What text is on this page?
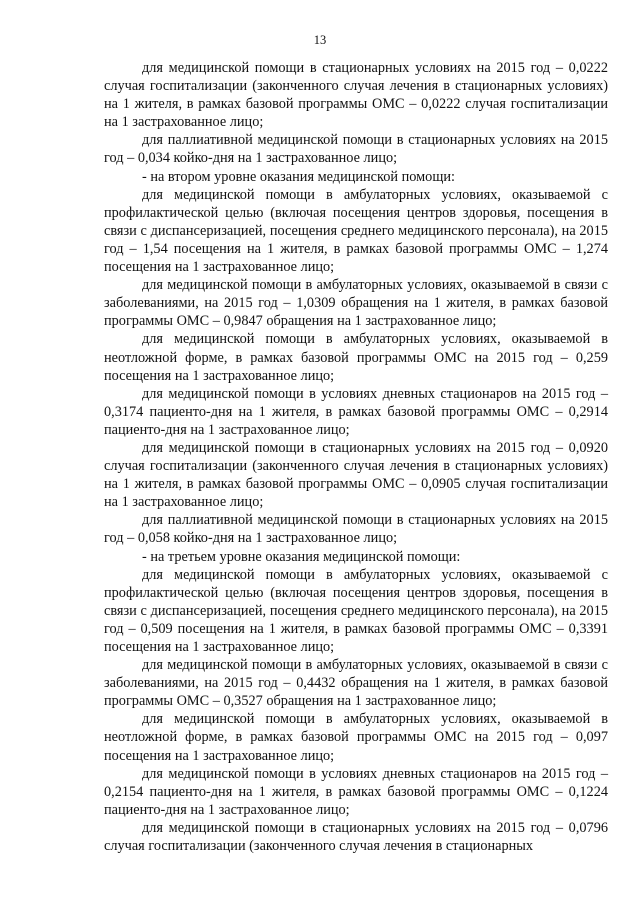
13

для медицинской помощи в стационарных условиях на 2015 год – 0,0222 случая госпитализации (законченного случая лечения в стационарных условиях) на 1 жителя, в рамках базовой программы ОМС – 0,0222 случая госпитализации на 1 застрахованное лицо;

для паллиативной медицинской помощи в стационарных условиях на 2015 год – 0,034 койко-дня на 1 застрахованное лицо;

- на втором уровне оказания медицинской помощи:

для медицинской помощи в амбулаторных условиях, оказываемой с профилактической целью (включая посещения центров здоровья, посещения в связи с диспансеризацией, посещения среднего медицинского персонала), на 2015 год – 1,54 посещения на 1 жителя, в рамках базовой программы ОМС – 1,274 посещения на 1 застрахованное лицо;

для медицинской помощи в амбулаторных условиях, оказываемой в связи с заболеваниями, на 2015 год – 1,0309 обращения на 1 жителя, в рамках базовой программы ОМС – 0,9847 обращения на 1 застрахованное лицо;

для медицинской помощи в амбулаторных условиях, оказываемой в неотложной форме, в рамках базовой программы ОМС на 2015 год – 0,259 посещения на 1 застрахованное лицо;

для медицинской помощи в условиях дневных стационаров на 2015 год – 0,3174 пациенто-дня на 1 жителя, в рамках базовой программы ОМС – 0,2914 пациенто-дня на 1 застрахованное лицо;

для медицинской помощи в стационарных условиях на 2015 год – 0,0920 случая госпитализации (законченного случая лечения в стационарных условиях) на 1 жителя, в рамках базовой программы ОМС – 0,0905 случая госпитализации на 1 застрахованное лицо;

для паллиативной медицинской помощи в стационарных условиях на 2015 год – 0,058 койко-дня на 1 застрахованное лицо;

- на третьем уровне оказания медицинской помощи:

для медицинской помощи в амбулаторных условиях, оказываемой с профилактической целью (включая посещения центров здоровья, посещения в связи с диспансеризацией, посещения среднего медицинского персонала), на 2015 год – 0,509 посещения на 1 жителя, в рамках базовой программы ОМС – 0,3391 посещения на 1 застрахованное лицо;

для медицинской помощи в амбулаторных условиях, оказываемой в связи с заболеваниями, на 2015 год – 0,4432 обращения на 1 жителя, в рамках базовой программы ОМС – 0,3527 обращения на 1 застрахованное лицо;

для медицинской помощи в амбулаторных условиях, оказываемой в неотложной форме, в рамках базовой программы ОМС на 2015 год – 0,097 посещения на 1 застрахованное лицо;

для медицинской помощи в условиях дневных стационаров на 2015 год – 0,2154 пациенто-дня на 1 жителя, в рамках базовой программы ОМС – 0,1224 пациенто-дня на 1 застрахованное лицо;

для медицинской помощи в стационарных условиях на 2015 год – 0,0796 случая госпитализации (законченного случая лечения в стационарных
